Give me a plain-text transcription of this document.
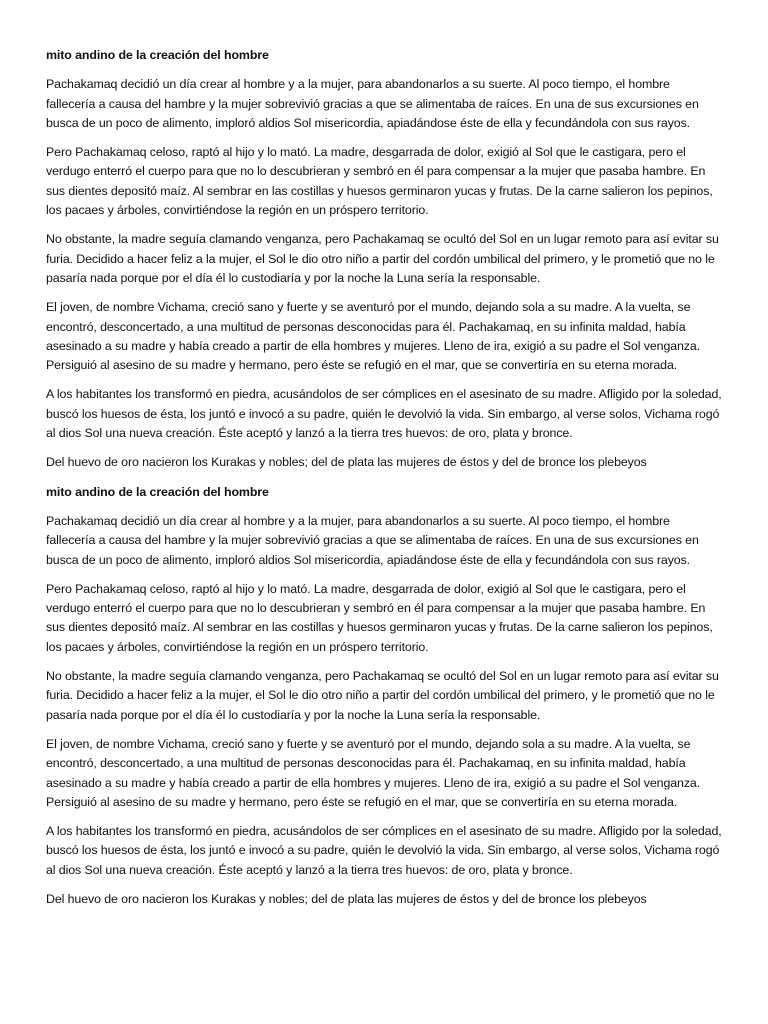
mito andino de la creación del hombre

Pachakamaq decidió un día crear al hombre y a la mujer, para abandonarlos a su suerte. Al poco tiempo, el hombre fallecería a causa del hambre y la mujer sobrevivió gracias a que se alimentaba de raíces. En una de sus excursiones en busca de un poco de alimento, imploró aldios Sol misericordia, apiadándose éste de ella y fecundándola con sus rayos.

Pero Pachakamaq celoso, raptó al hijo y lo mató. La madre, desgarrada de dolor, exigió al Sol que le castigara, pero el verdugo enterró el cuerpo para que no lo descubrieran y sembró en él para compensar a la mujer que pasaba hambre. En sus dientes depositó maíz. Al sembrar en las costillas y huesos germinaron yucas y frutas. De la carne salieron los pepinos, los pacaes y árboles, convirtiéndose la región en un próspero territorio.

No obstante, la madre seguía clamando venganza, pero Pachakamaq se ocultó del Sol en un lugar remoto para así evitar su furia. Decidido a hacer feliz a la mujer, el Sol le dio otro niño a partir del cordón umbilical del primero, y le prometió que no le pasaría nada porque por el día él lo custodiaría y por la noche la Luna sería la responsable.

El joven, de nombre Vichama, creció sano y fuerte y se aventuró por el mundo, dejando sola a su madre. A la vuelta, se encontró, desconcertado, a una multitud de personas desconocidas para él. Pachakamaq, en su infinita maldad, había asesinado a su madre y había creado a partir de ella hombres y mujeres. Lleno de ira, exigió a su padre el Sol venganza. Persiguió al asesino de su madre y hermano, pero éste se refugió en el mar, que se convertiría en su eterna morada.

A los habitantes los transformó en piedra, acusándolos de ser cómplices en el asesinato de su madre. Afligido por la soledad, buscó los huesos de ésta, los juntó e invocó a su padre, quién le devolvió la vida. Sin embargo, al verse solos, Vichama rogó al dios Sol una nueva creación. Éste aceptó y lanzó a la tierra tres huevos: de oro, plata y bronce.

Del huevo de oro nacieron los Kurakas y nobles; del de plata las mujeres de éstos y del de bronce los plebeyos

mito andino de la creación del hombre

Pachakamaq decidió un día crear al hombre y a la mujer, para abandonarlos a su suerte. Al poco tiempo, el hombre fallecería a causa del hambre y la mujer sobrevivió gracias a que se alimentaba de raíces. En una de sus excursiones en busca de un poco de alimento, imploró aldios Sol misericordia, apiadándose éste de ella y fecundándola con sus rayos.

Pero Pachakamaq celoso, raptó al hijo y lo mató. La madre, desgarrada de dolor, exigió al Sol que le castigara, pero el verdugo enterró el cuerpo para que no lo descubrieran y sembró en él para compensar a la mujer que pasaba hambre. En sus dientes depositó maíz. Al sembrar en las costillas y huesos germinaron yucas y frutas. De la carne salieron los pepinos, los pacaes y árboles, convirtiéndose la región en un próspero territorio.

No obstante, la madre seguía clamando venganza, pero Pachakamaq se ocultó del Sol en un lugar remoto para así evitar su furia. Decidido a hacer feliz a la mujer, el Sol le dio otro niño a partir del cordón umbilical del primero, y le prometió que no le pasaría nada porque por el día él lo custodiaría y por la noche la Luna sería la responsable.

El joven, de nombre Vichama, creció sano y fuerte y se aventuró por el mundo, dejando sola a su madre. A la vuelta, se encontró, desconcertado, a una multitud de personas desconocidas para él. Pachakamaq, en su infinita maldad, había asesinado a su madre y había creado a partir de ella hombres y mujeres. Lleno de ira, exigió a su padre el Sol venganza. Persiguió al asesino de su madre y hermano, pero éste se refugió en el mar, que se convertiría en su eterna morada.

A los habitantes los transformó en piedra, acusándolos de ser cómplices en el asesinato de su madre. Afligido por la soledad, buscó los huesos de ésta, los juntó e invocó a su padre, quién le devolvió la vida. Sin embargo, al verse solos, Vichama rogó al dios Sol una nueva creación. Éste aceptó y lanzó a la tierra tres huevos: de oro, plata y bronce.

Del huevo de oro nacieron los Kurakas y nobles; del de plata las mujeres de éstos y del de bronce los plebeyos
